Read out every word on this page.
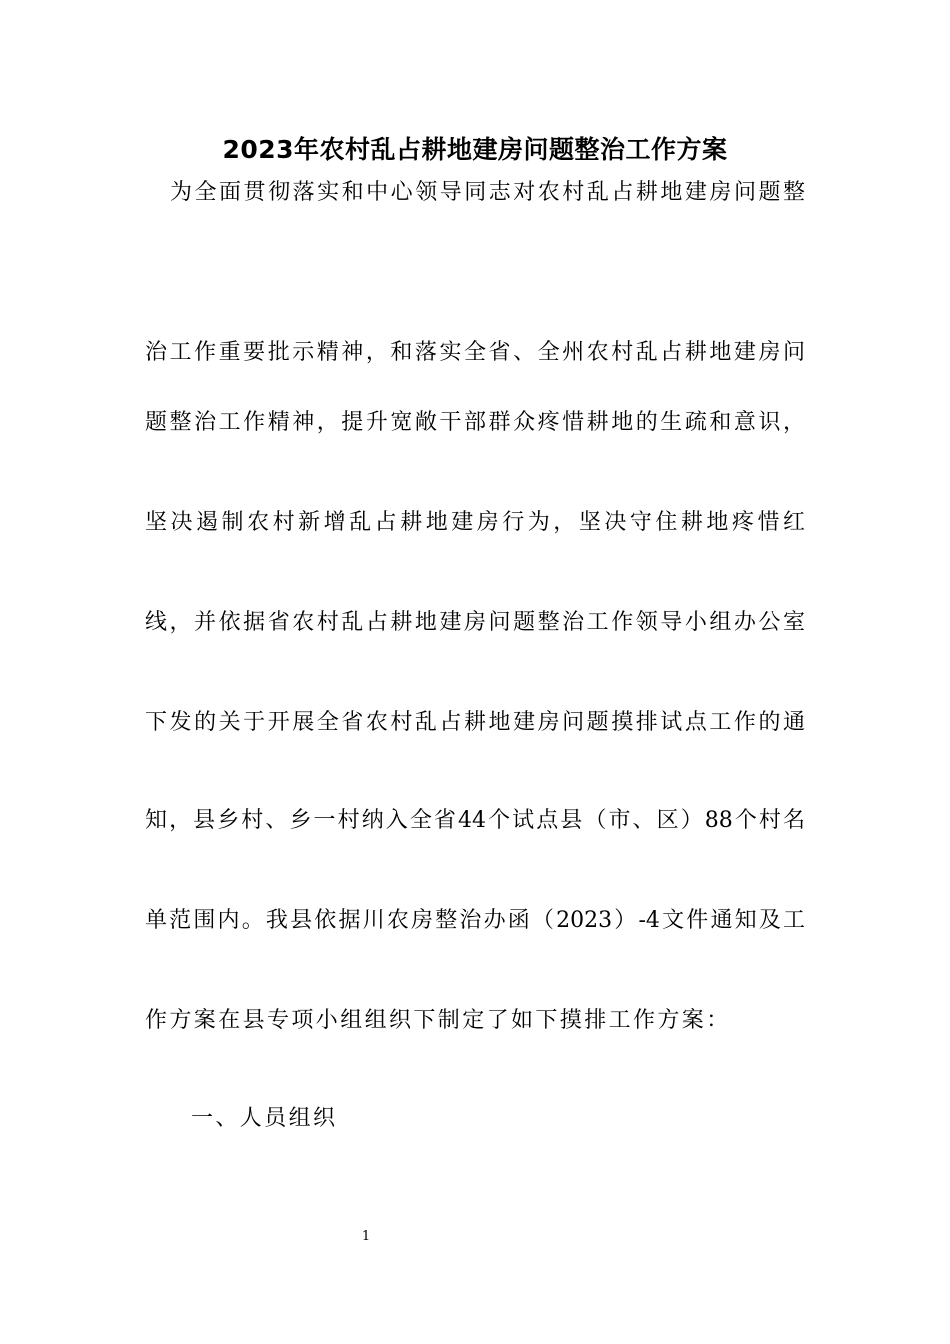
2023年农村乱占耕地建房问题整治工作方案
为全面贯彻落实和中心领导同志对农村乱占耕地建房问题整
治工作重要批示精神，和落实全省、全州农村乱占耕地建房问
题整治工作精神，提升宽敞干部群众疼惜耕地的生疏和意识，
坚决遏制农村新增乱占耕地建房行为，坚决守住耕地疼惜红
线，并依据省农村乱占耕地建房问题整治工作领导小组办公室
下发的关于开展全省农村乱占耕地建房问题摸排试点工作的通
知，县乡村、乡一村纳入全省44个试点县（市、区）88个村名
单范围内。我县依据川农房整治办函（2023）-4文件通知及工
作方案在县专项小组组织下制定了如下摸排工作方案：
一、人员组织
1
